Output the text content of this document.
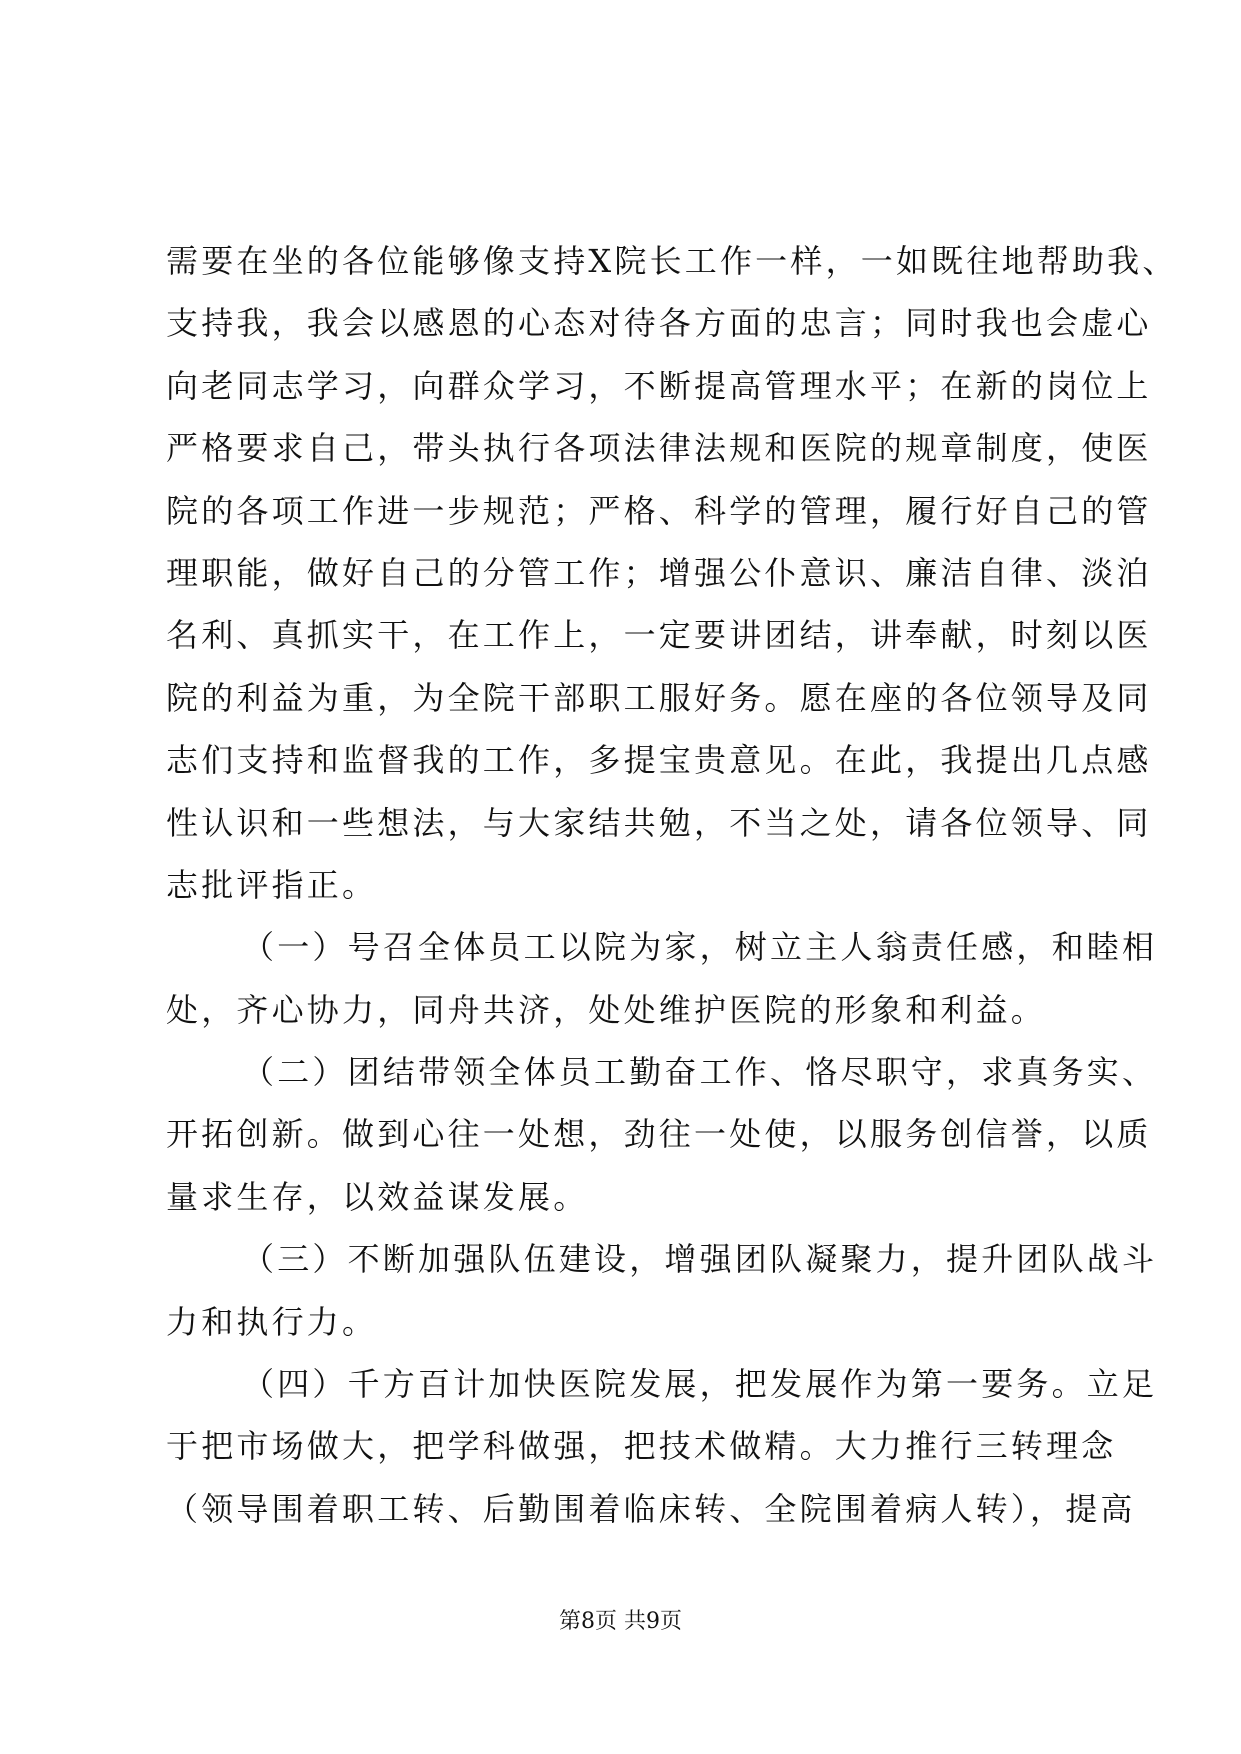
需要在坐的各位能够像支持X院长工作一样，一如既往地帮助我、
支持我，我会以感恩的心态对待各方面的忠言；同时我也会虚心
向老同志学习，向群众学习，不断提高管理水平；在新的岗位上
严格要求自己，带头执行各项法律法规和医院的规章制度，使医
院的各项工作进一步规范；严格、科学的管理，履行好自己的管
理职能，做好自己的分管工作；增强公仆意识、廉洁自律、淡泊
名利、真抓实干，在工作上，一定要讲团结，讲奉献，时刻以医
院的利益为重，为全院干部职工服好务。愿在座的各位领导及同
志们支持和监督我的工作，多提宝贵意见。在此，我提出几点感
性认识和一些想法，与大家结共勉，不当之处，请各位领导、同
志批评指正。
（一）号召全体员工以院为家，树立主人翁责任感，和睦相
处，齐心协力，同舟共济，处处维护医院的形象和利益。
（二）团结带领全体员工勤奋工作、恪尽职守，求真务实、
开拓创新。做到心往一处想，劲往一处使，以服务创信誉，以质
量求生存，以效益谋发展。
（三）不断加强队伍建设，增强团队凝聚力，提升团队战斗
力和执行力。
（四）千方百计加快医院发展，把发展作为第一要务。立足
于把市场做大，把学科做强，把技术做精。大力推行三转理念
（领导围着职工转、后勤围着临床转、全院围着病人转），提高
第8页 共9页
